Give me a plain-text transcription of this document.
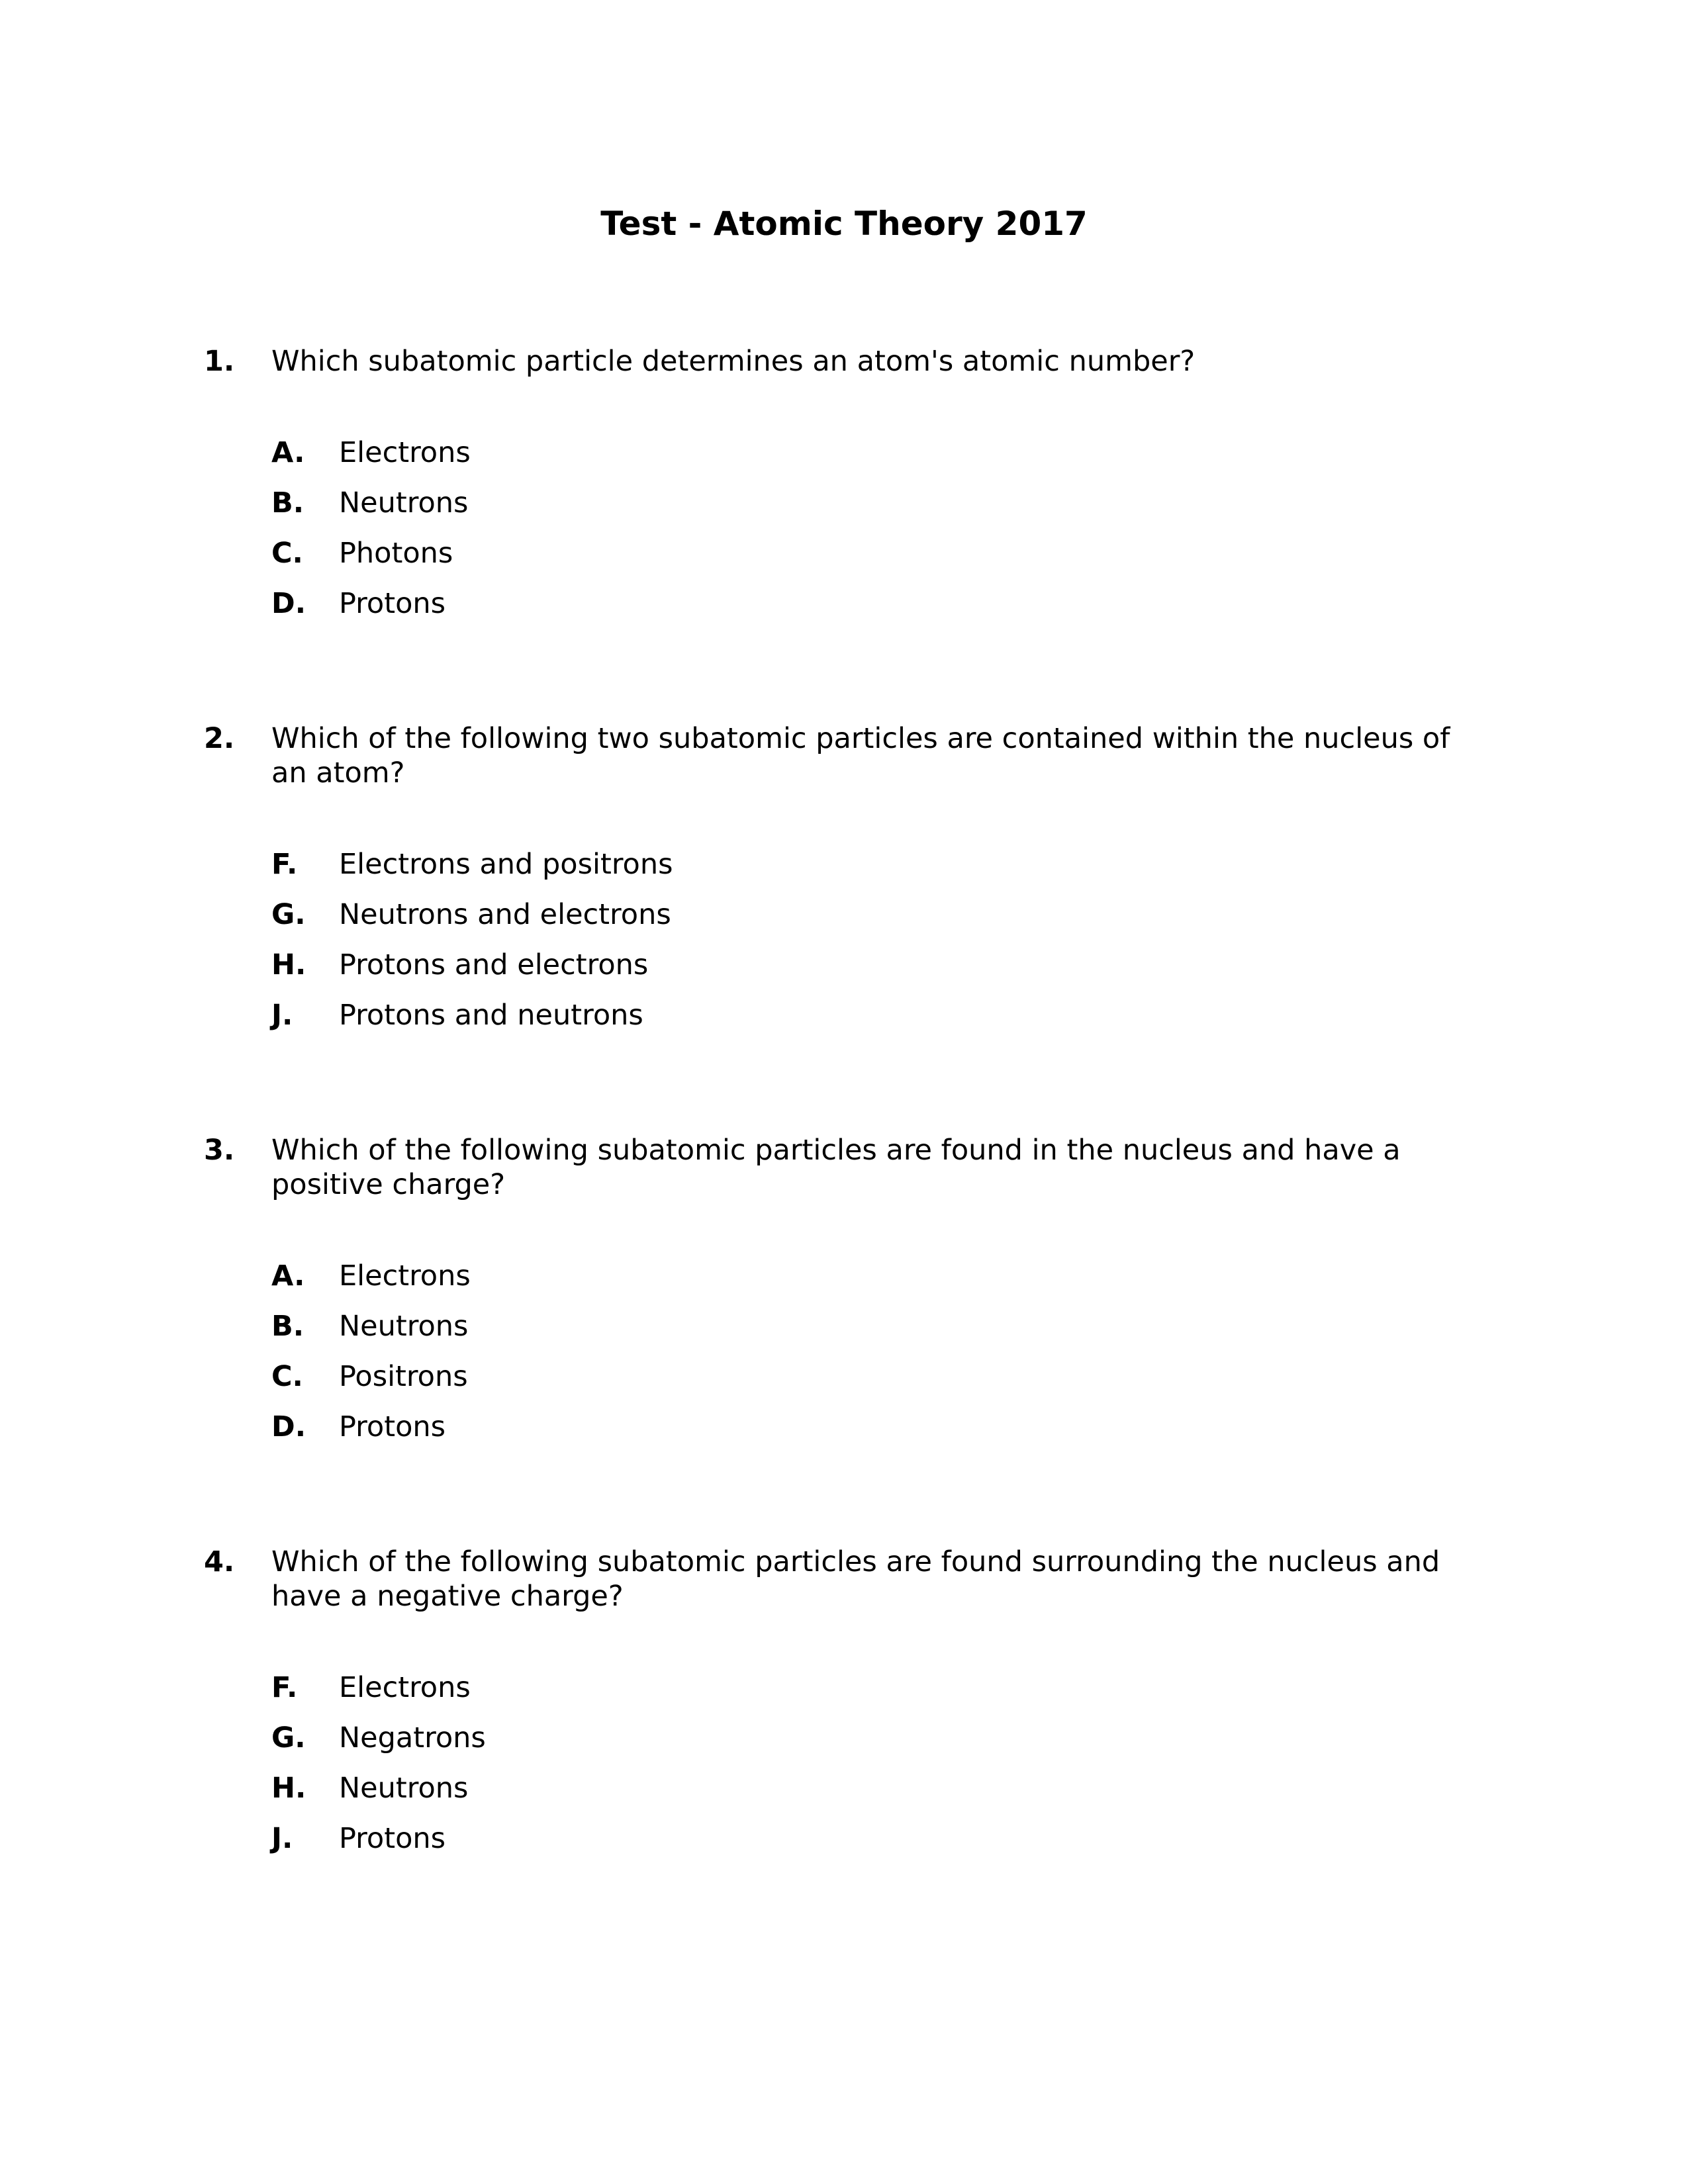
Test - Atomic Theory 2017
1. Which subatomic particle determines an atom's atomic number?
A. Electrons
B. Neutrons
C. Photons
D. Protons
2. Which of the following two subatomic particles are contained within the nucleus of an atom?
F. Electrons and positrons
G. Neutrons and electrons
H. Protons and electrons
J. Protons and neutrons
3. Which of the following subatomic particles are found in the nucleus and have a positive charge?
A. Electrons
B. Neutrons
C. Positrons
D. Protons
4. Which of the following subatomic particles are found surrounding the nucleus and have a negative charge?
F. Electrons
G. Negatrons
H. Neutrons
J. Protons
